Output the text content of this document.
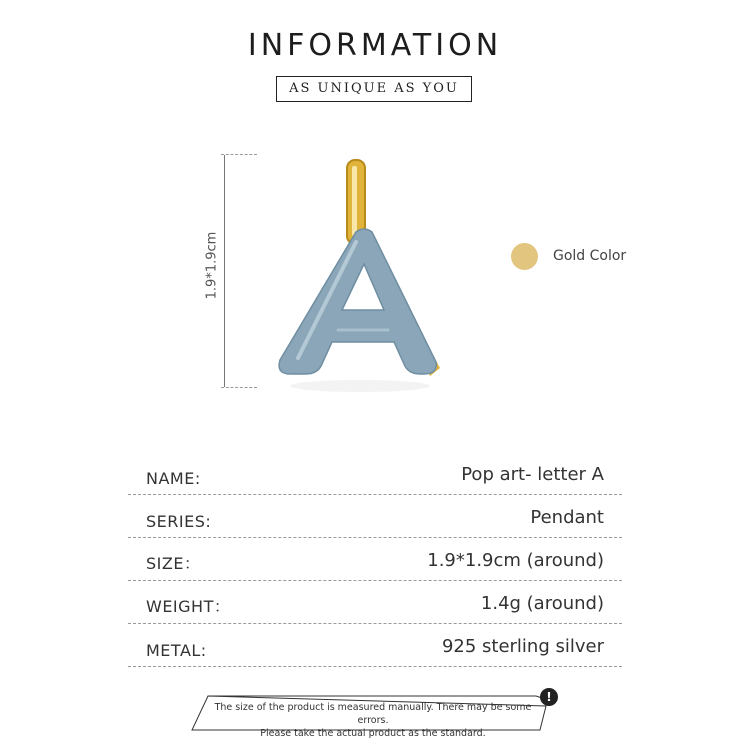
INFORMATION
AS UNIQUE AS YOU
1.9*1.9cm	Gold Color
NAME:	Pop art- letter A
SERIES:	Pendant
SIZE：	1.9*1.9cm (around)
WEIGHT：	1.4g (around)
METAL:	925 sterling silver
The size of the product is measured manually. There may be some errors.
Please take the actual product as the standard.
!
